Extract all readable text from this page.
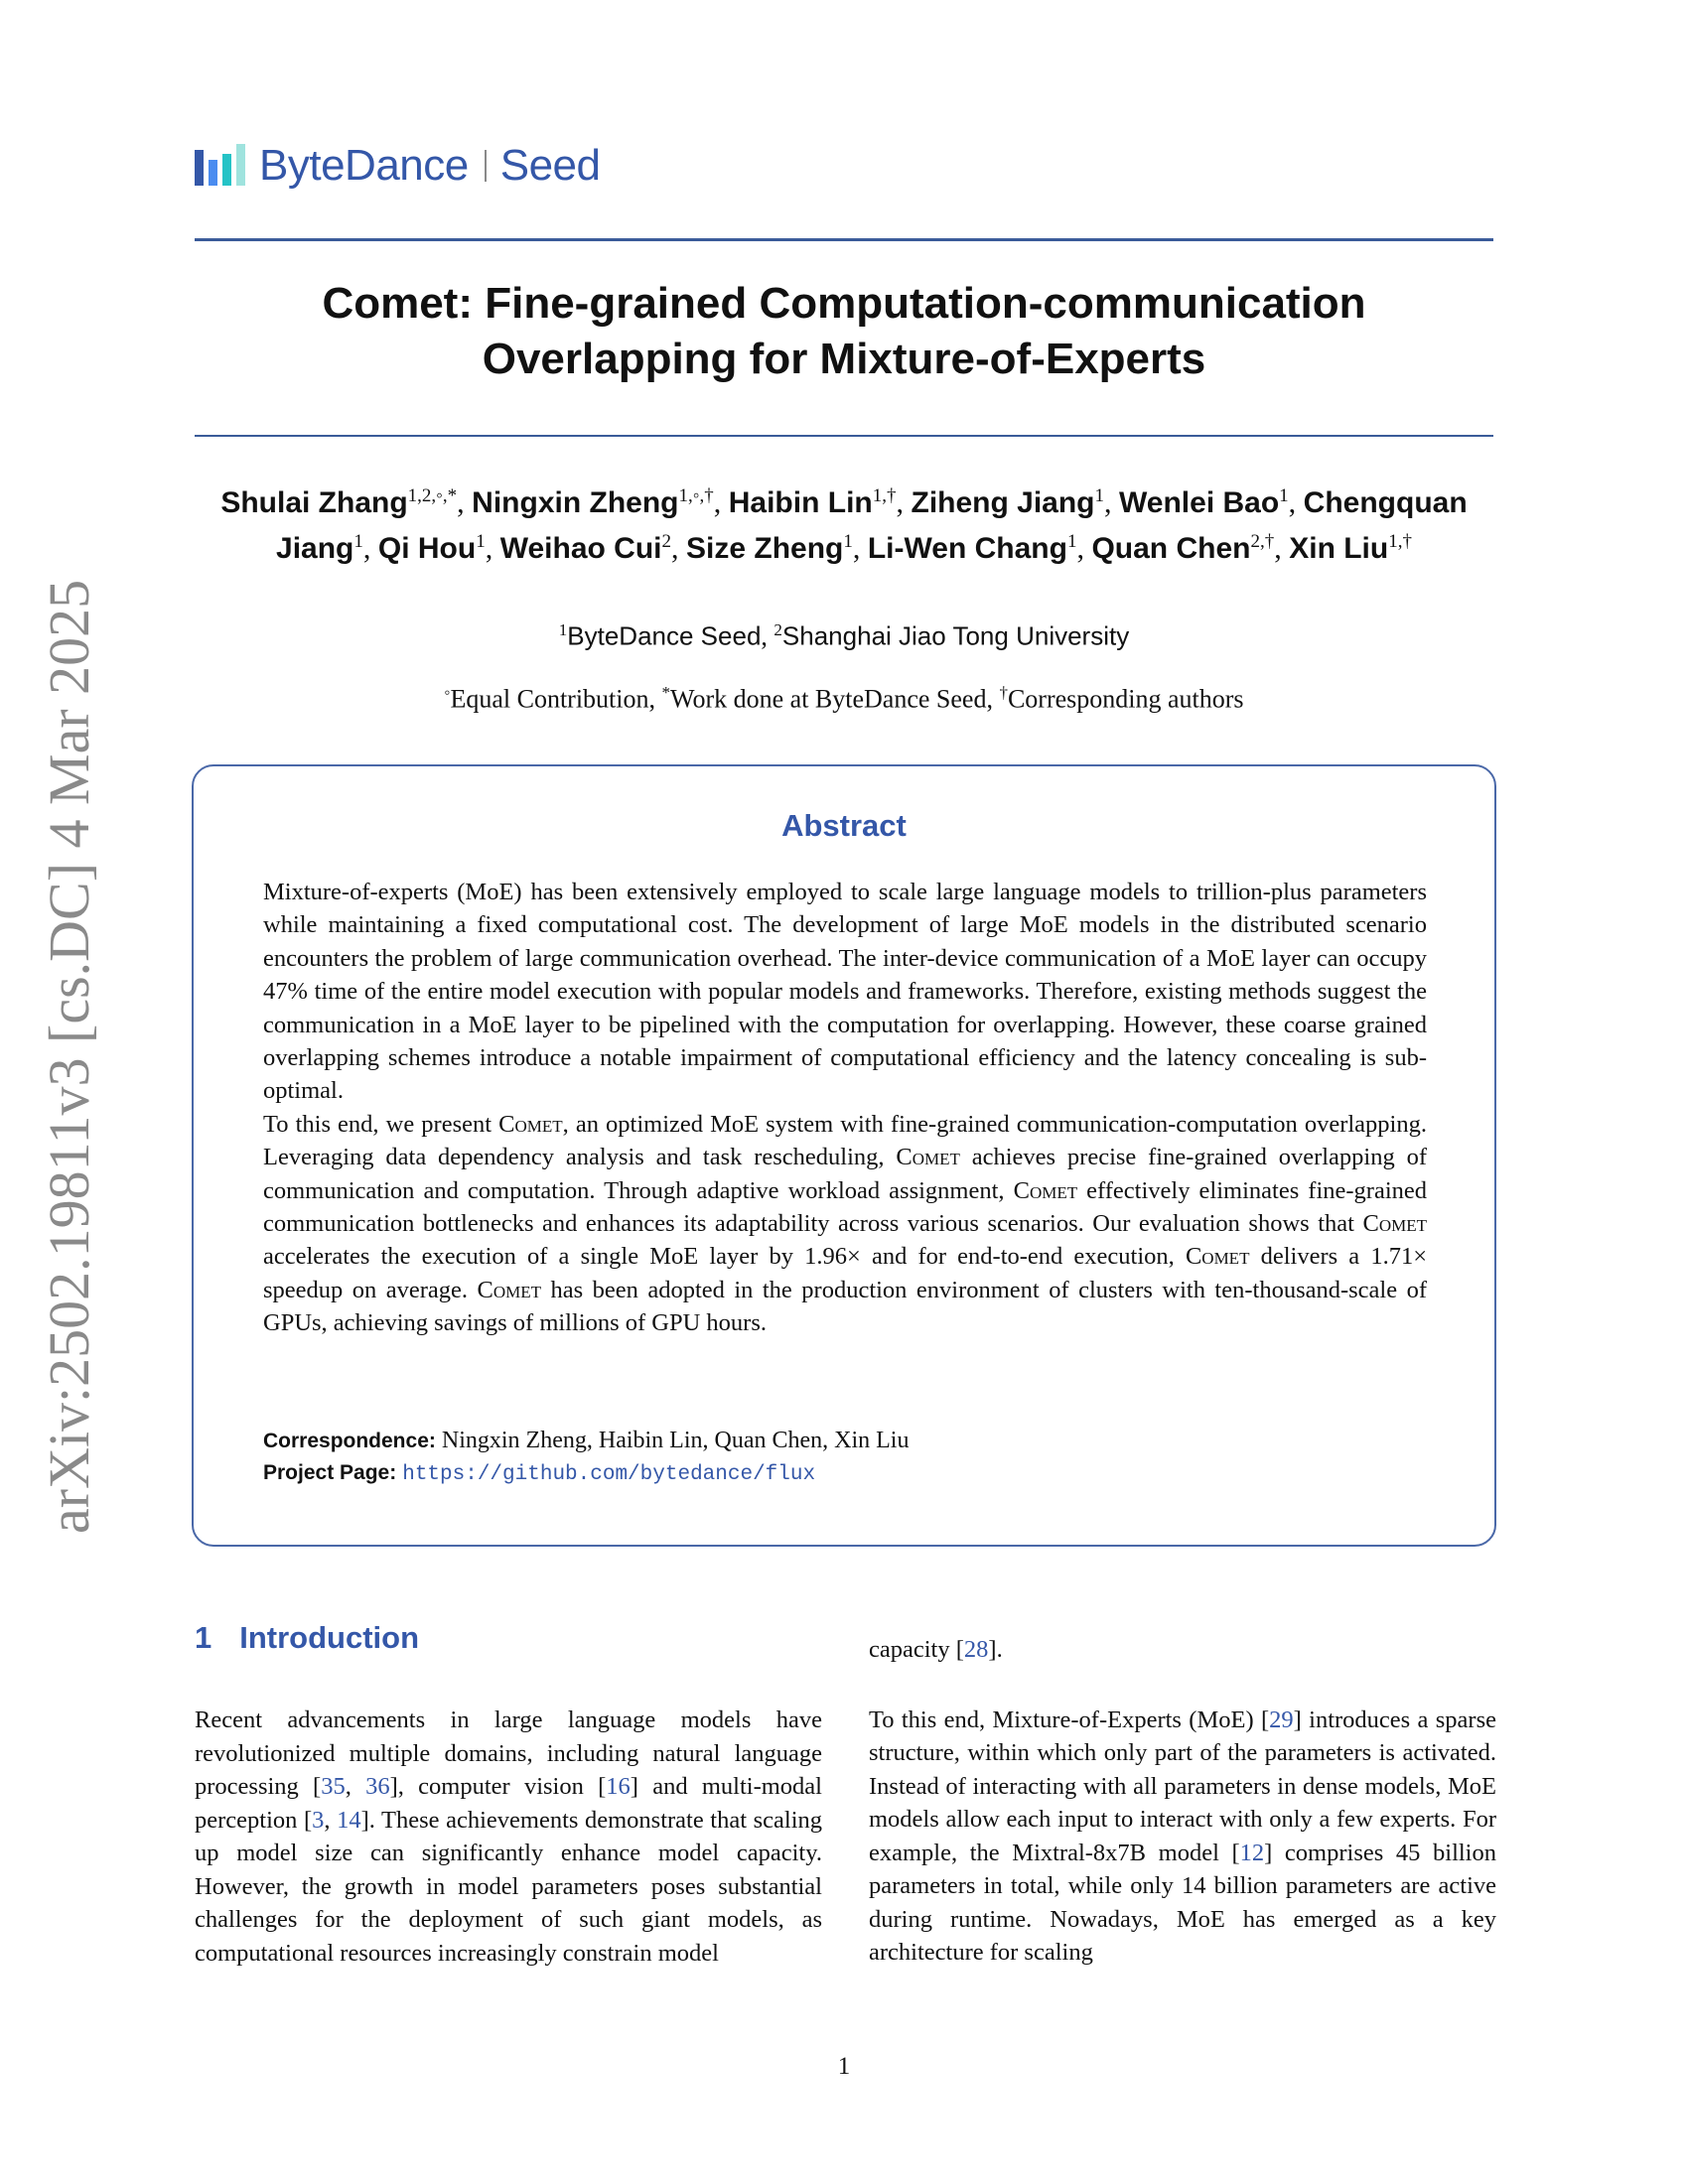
arXiv:2502.19811v3 [cs.DC] 4 Mar 2025
ByteDance Seed
Comet: Fine-grained Computation-communication
Overlapping for Mixture-of-Experts
Shulai Zhang$^{1,2,◦,*}$, Ningxin Zheng$^{1,◦,\dagger}$, Haibin Lin$^{1,\dagger}$, Ziheng Jiang$^1$, Wenlei Bao$^1$, Chengquan Jiang$^1$, Qi Hou$^1$, Weihao Cui$^2$, Size Zheng$^1$, Li-Wen Chang$^1$, Quan Chen$^{2,\dagger}$, Xin Liu$^{1,\dagger}$
$^1$ByteDance Seed, $^2$Shanghai Jiao Tong University
◦Equal Contribution, *Work done at ByteDance Seed, †Corresponding authors
Abstract

Mixture-of-experts (MoE) has been extensively employed to scale large language models to trillion-plus parameters while maintaining a fixed computational cost. The development of large MoE models in the distributed scenario encounters the problem of large communication overhead. The inter-device communication of a MoE layer can occupy 47% time of the entire model execution with popular models and frameworks. Therefore, existing methods suggest the communication in a MoE layer to be pipelined with the computation for overlapping. However, these coarse grained overlapping schemes introduce a notable impairment of computational efficiency and the latency concealing is sub-optimal.

To this end, we present Comet, an optimized MoE system with fine-grained communication-computation overlapping. Leveraging data dependency analysis and task rescheduling, Comet achieves precise fine-grained overlapping of communication and computation. Through adaptive workload assignment, Comet effectively eliminates fine-grained communication bottlenecks and enhances its adaptability across various scenarios. Our evaluation shows that Comet accelerates the execution of a single MoE layer by 1.96× and for end-to-end execution, Comet delivers a 1.71× speedup on average. Comet has been adopted in the production environment of clusters with ten-thousand-scale of GPUs, achieving savings of millions of GPU hours.

Correspondence: Ningxin Zheng, Haibin Lin, Quan Chen, Xin Liu
Project Page: https://github.com/bytedance/flux
1 Introduction

Recent advancements in large language models have revolutionized multiple domains, including natural language processing [35, 36], computer vision [16] and multi-modal perception [3, 14]. These achievements demonstrate that scaling up model size can significantly enhance model capacity. However, the growth in model parameters poses substantial challenges for the deployment of such giant models, as computational resources increasingly constrain model

capacity [28].

To this end, Mixture-of-Experts (MoE) [29] introduces a sparse structure, within which only part of the parameters is activated. Instead of interacting with all parameters in dense models, MoE models allow each input to interact with only a few experts. For example, the Mixtral-8x7B model [12] comprises 45 billion parameters in total, while only 14 billion parameters are active during runtime. Nowadays, MoE has emerged as a key architecture for scaling

1
